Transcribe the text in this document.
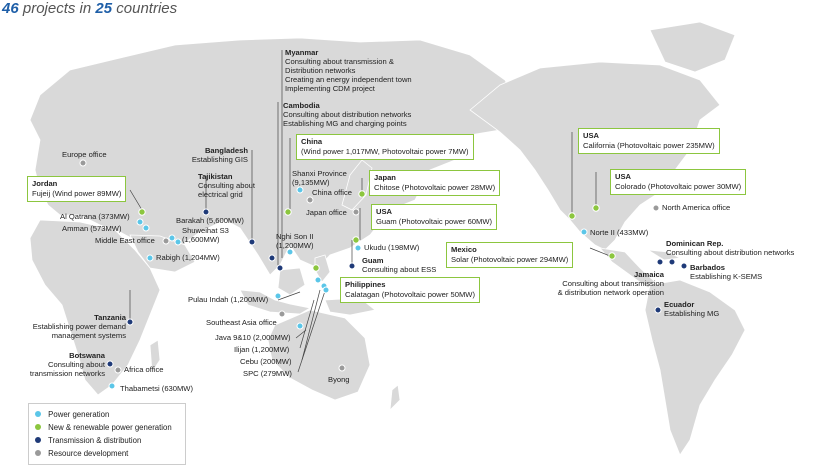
46 projects in 25 countries
Myanmar
Consulting about transmission &
Distribution networks
Creating an energy independent town
Implementing CDM project
Cambodia
Consulting about distribution networks
Establishing MG and charging points
Bangladesh
Establishing GIS
Tajikistan
Consulting about
electrical grid
Europe office
Jordan
Fujeij (Wind power 89MW)
Al Qatrana (373MW)
Amman (573MW)
Middle East office
Barakah (5,600MW)
Shuweihat S3
(1,600MW)
Rabigh (1,204MW)
China
(Wind power 1,017MW, Photovoltaic power 7MW)
Shanxi Province
(9,135MW)
China office
Japan
Chitose (Photovoltaic power 28MW)
Japan office	USA
Guam (Photovoltaic power 60MW)
Nghi Son II
(1,200MW)	Ukudu (198MW)
Guam
Consulting about ESS
Philippines
Calatagan (Photovoltaic power 50MW)
Pulau Indah (1,200MW)
Southeast Asia office
Java 9&10 (2,000MW)
Ilijan (1,200MW)
Cebu (200MW)
SPC (279MW)
Byong
Tanzania
Establishing power demand
management systems
Botswana
Consulting about
transmission networks	Africa office
Thabametsi (630MW)
USA
California (Photovoltaic power 235MW)
USA
Colorado (Photovoltaic power 30MW)
North America office
Norte II (433MW)
Mexico
Solar (Photovoltaic power 294MW)
Dominican Rep.
Consulting about distribution networks
Barbados
Establishing K-SEMS
Jamaica
Consulting about transmission
& distribution network operation
Ecuador
Establishing MG
Power generation
New & renewable power generation
Transmission & distribution
Resource development
